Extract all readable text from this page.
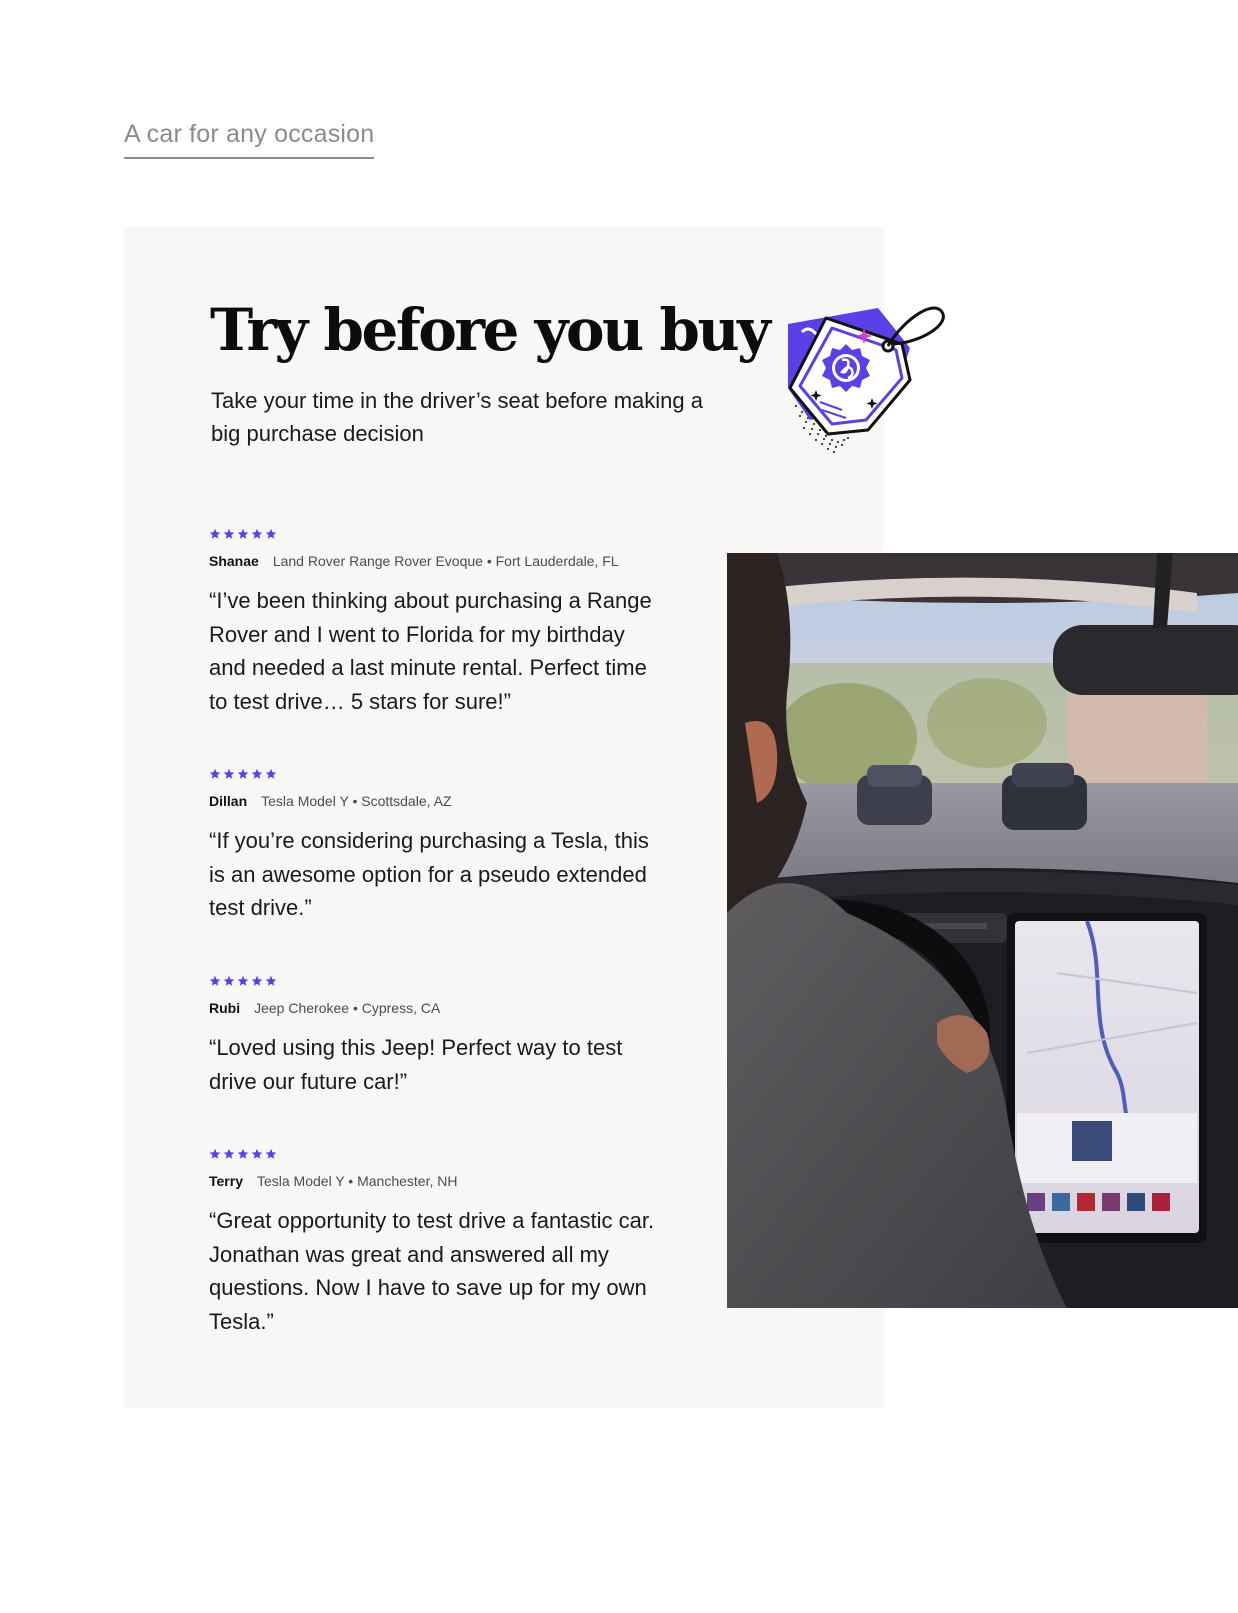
A car for any occasion
Try before you buy

Take your time in the driver’s seat before making a big purchase decision

Shanae Land Rover Range Rover Evoque • Fort Lauderdale, FL

“I’ve been thinking about purchasing a Range Rover and I went to Florida for my birthday and needed a last minute rental. Perfect time to test drive… 5 stars for sure!”

Dillan Tesla Model Y • Scottsdale, AZ

“If you’re considering purchasing a Tesla, this is an awesome option for a pseudo extended test drive.”

Rubi Jeep Cherokee • Cypress, CA

“Loved using this Jeep! Perfect way to test drive our future car!”

Terry Tesla Model Y • Manchester, NH

“Great opportunity to test drive a fantastic car. Jonathan was great and answered all my questions. Now I have to save up for my own Tesla.”
